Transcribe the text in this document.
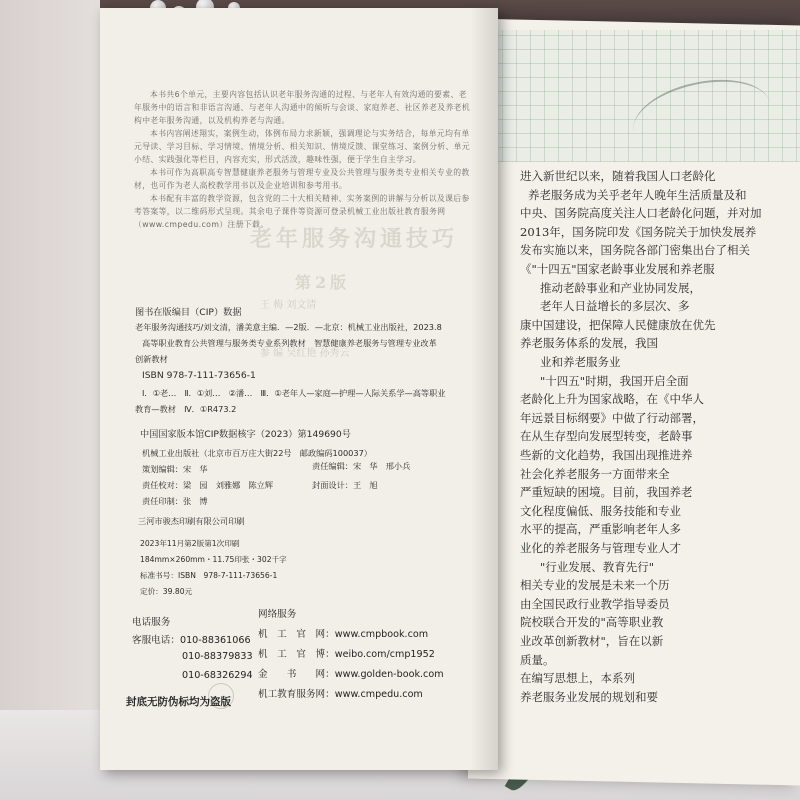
进入新世纪以来，随着我国人口老龄化
养老服务成为关乎老年人晚年生活质量及和
中央、国务院高度关注人口老龄化问题，并对加
2013年，国务院印发《国务院关于加快发展养
发布实施以来，国务院各部门密集出台了相关
《"十四五"国家老龄事业发展和养老服
推动老龄事业和产业协同发展，
老年人日益增长的多层次、多
康中国建设，把保障人民健康放在优先
养老服务体系的发展，我国
业和养老服务业
"十四五"时期，我国开启全面
老龄化上升为国家战略，在《中华人
年远景目标纲要》中做了行动部署，
在从生存型向发展型转变，老龄事
些新的文化趋势，我国出现推进养
社会化养老服务一方面带来全
严重短缺的困境。目前，我国养老
文化程度偏低、服务技能和专业
水平的提高，严重影响老年人多
业化的养老服务与管理专业人才
"行业发展、教育先行"
相关专业的发展是未来一个历
由全国民政行业教学指导委员
院校联合开发的"高等职业教
业改革创新教材"，旨在以新
质量。
在编写思想上，本系列
养老服务业发展的规划和要

本书共6个单元，主要内容包括认识老年服务沟通的过程、与老年人有效沟通的要素、老年服务中的语言和非语言沟通、与老年人沟通中的倾听与会谈、家庭养老、社区养老及养老机构中老年服务沟通，以及机构养老与沟通。

本书内容阐述翔实，案例生动，体例布局力求新颖，强调理论与实务结合，每单元均有单元导读、学习目标、学习情境、情境分析、相关知识、情境反馈、课堂练习、案例分析、单元小结、实践强化等栏目，内容充实，形式活泼，趣味性强，便于学生自主学习。

本书可作为高职高专智慧健康养老服务与管理专业及公共管理与服务类专业相关专业的教材，也可作为老人高校教学用书以及企业培训和参考用书。

本书配有丰富的教学资源，包含党的二十大相关精神、实务案例的讲解与分析以及课后参考答案等，以二维码形式呈现。其余电子课件等资源可登录机械工业出版社教育服务网（www.cmpedu.com）注册下载。

老年服务沟通技巧
第2版
王 梅 刘文清
参 编 吴红艳 孙秀云
图书在版编目（CIP）数据
老年服务沟通技巧/刘文清，潘美意主编．—2版．—北京：机械工业出版社，2023.8
高等职业教育公共管理与服务类专业系列教材　智慧健康养老服务与管理专业改革
创新教材
ISBN 978-7-111-73656-1
Ⅰ．①老…　Ⅱ．①刘…　②潘…　Ⅲ．①老年人—家庭—护理—人际关系学—高等职业
教育—教材　Ⅳ．①R473.2
中国国家版本馆CIP数据核字（2023）第149690号
机械工业出版社（北京市百万庄大街22号　邮政编码100037）
策划编辑：宋　华	责任编辑：宋　华　邢小兵
责任校对：梁　园　刘雅娜　陈立辉	封面设计：王　旭
责任印制：张　博
三河市骏杰印刷有限公司印刷
2023年11月第2版第1次印刷
184mm×260mm・11.75印张・302千字
标准书号：ISBN　978-7-111-73656-1
定价：39.80元
电话服务
网络服务
客服电话：010-88361066
010-88379833
010-68326294
机　工　官　网：www.cmpbook.com
机　工　官　博：weibo.com/cmp1952
金　　书　　网：www.golden-book.com
机工教育服务网：www.cmpedu.com
封底无防伪标均为盗版
